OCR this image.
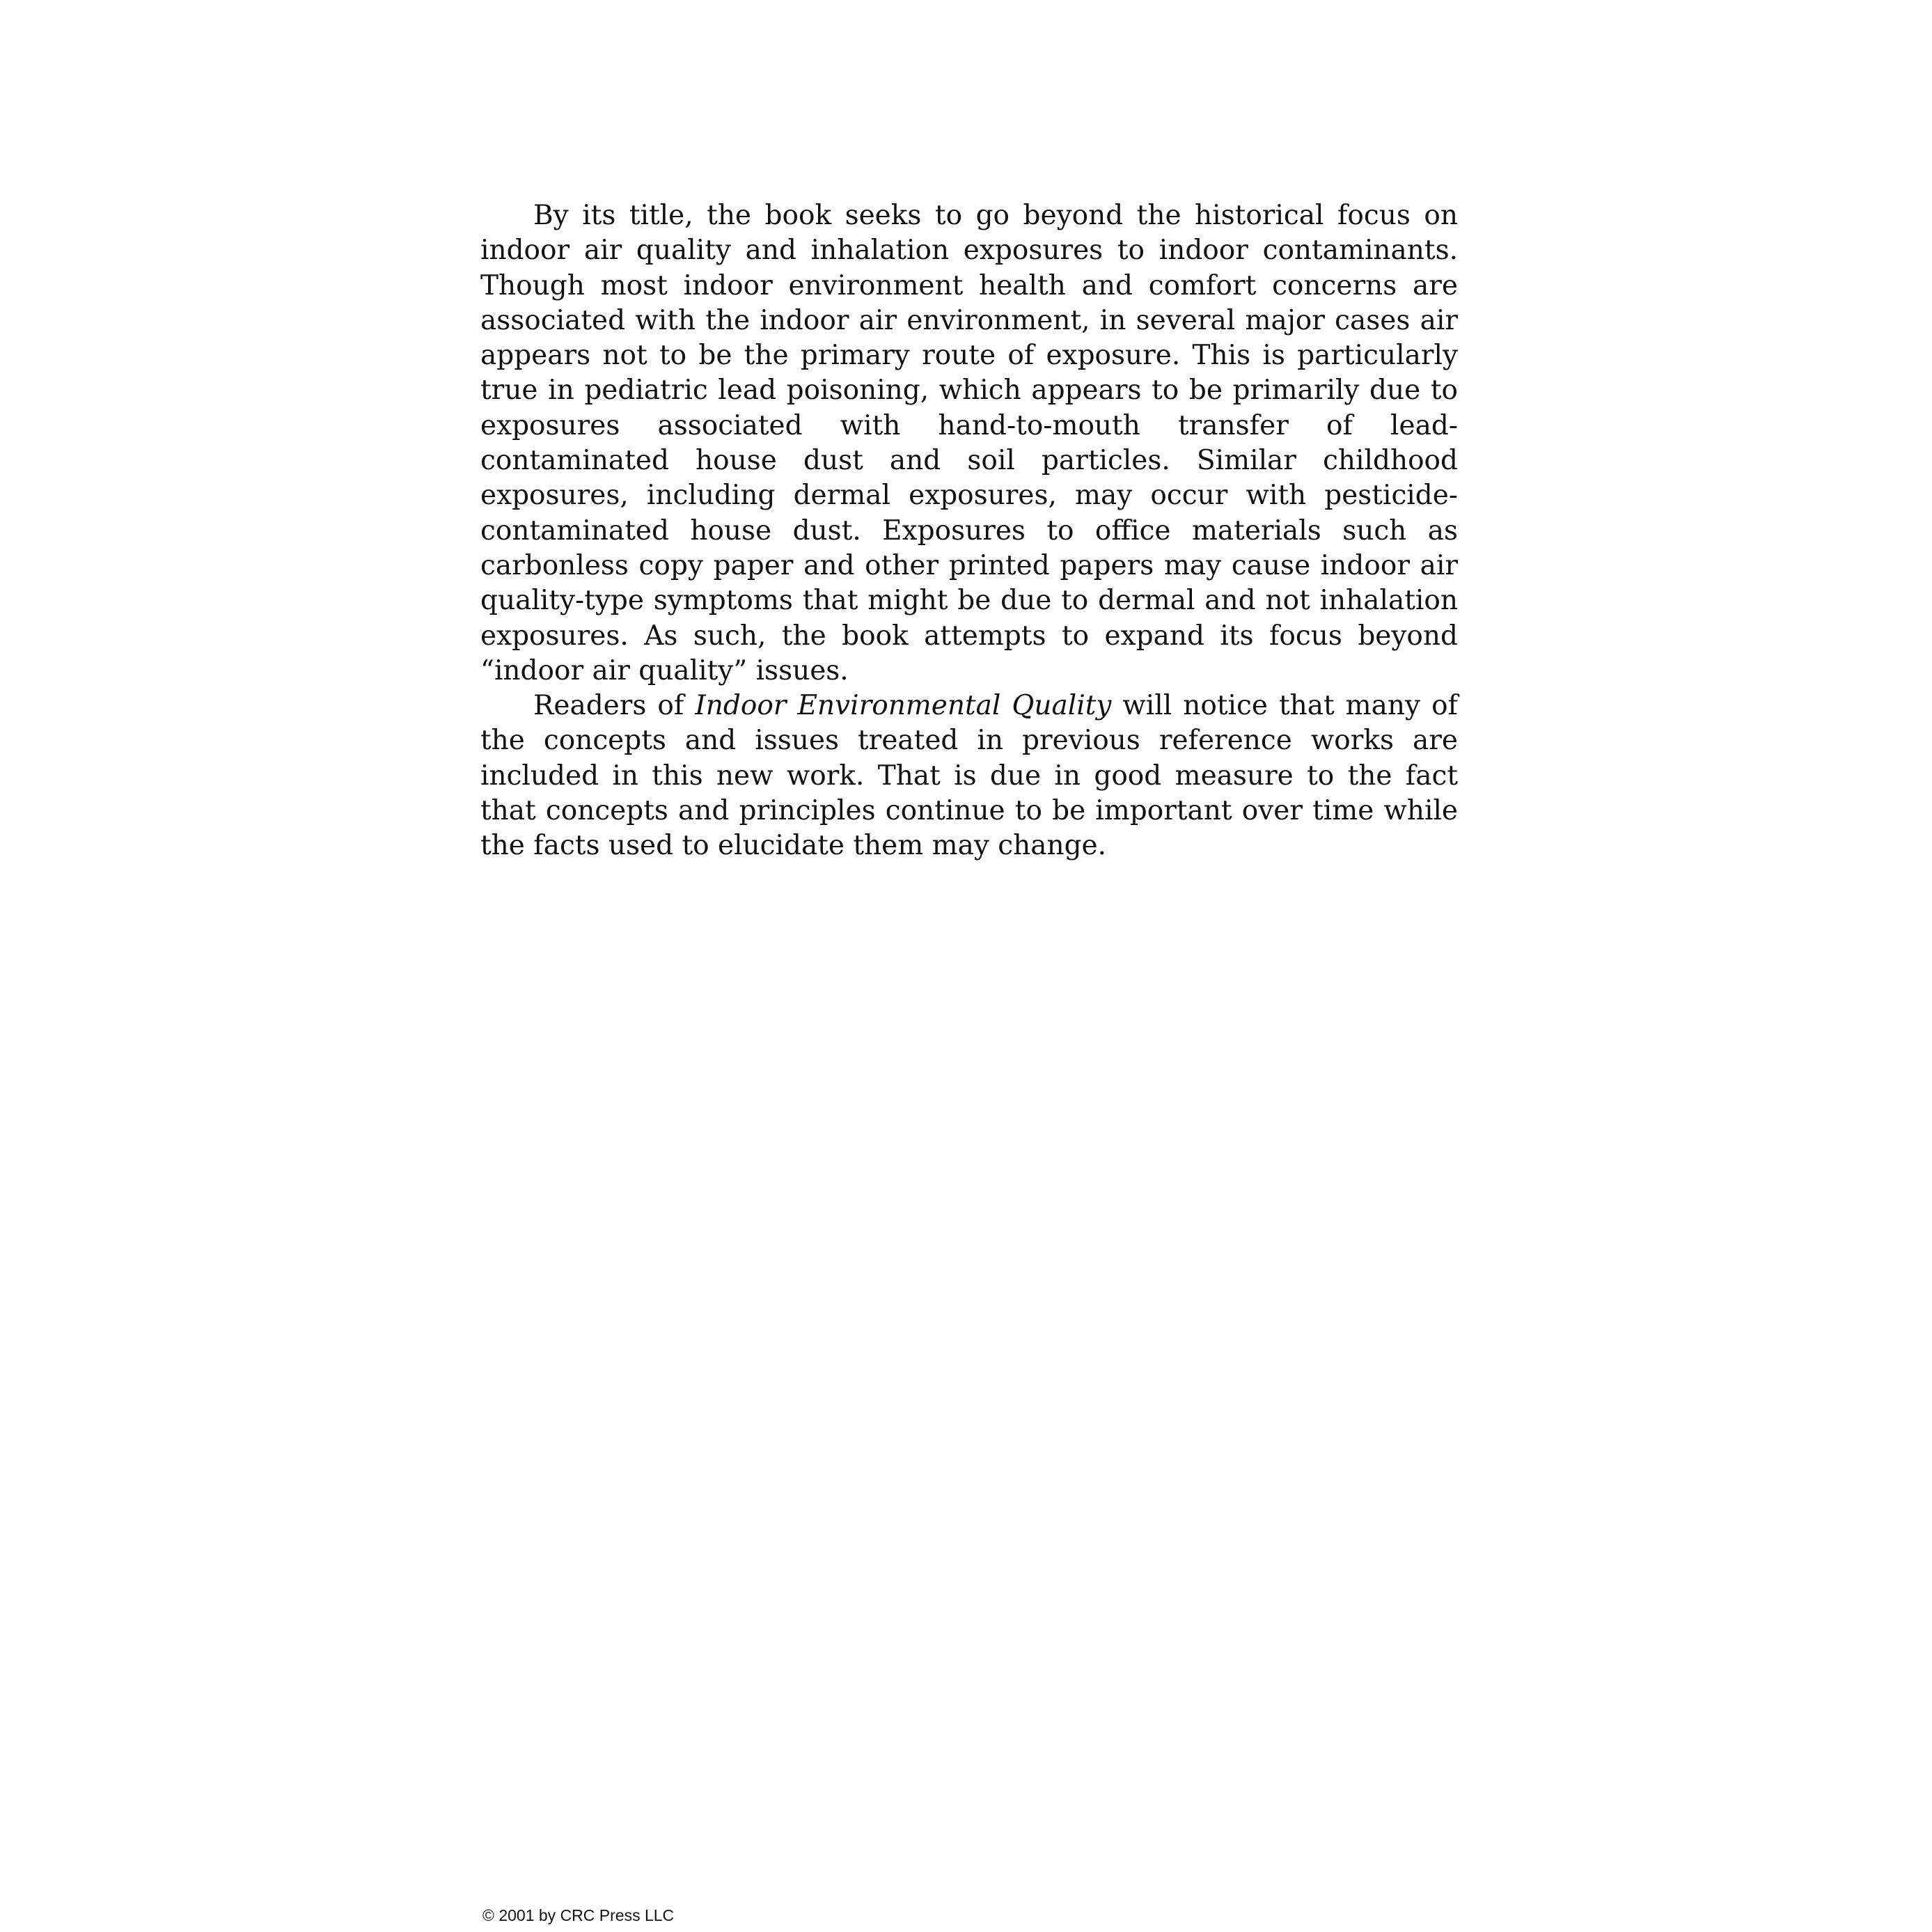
By its title, the book seeks to go beyond the historical focus on indoor air quality and inhalation exposures to indoor contaminants. Though most indoor environment health and comfort concerns are associated with the indoor air environment, in several major cases air appears not to be the primary route of exposure. This is particularly true in pediatric lead poisoning, which appears to be primarily due to exposures associated with hand-to-mouth transfer of lead-contaminated house dust and soil particles. Similar childhood exposures, including dermal exposures, may occur with pesticide-contaminated house dust. Exposures to office materials such as carbonless copy paper and other printed papers may cause indoor air quality-type symptoms that might be due to dermal and not inhalation exposures. As such, the book attempts to expand its focus beyond “indoor air quality” issues.

Readers of Indoor Environmental Quality will notice that many of the concepts and issues treated in previous reference works are included in this new work. That is due in good measure to the fact that concepts and principles continue to be important over time while the facts used to elucidate them may change.

© 2001 by CRC Press LLC
